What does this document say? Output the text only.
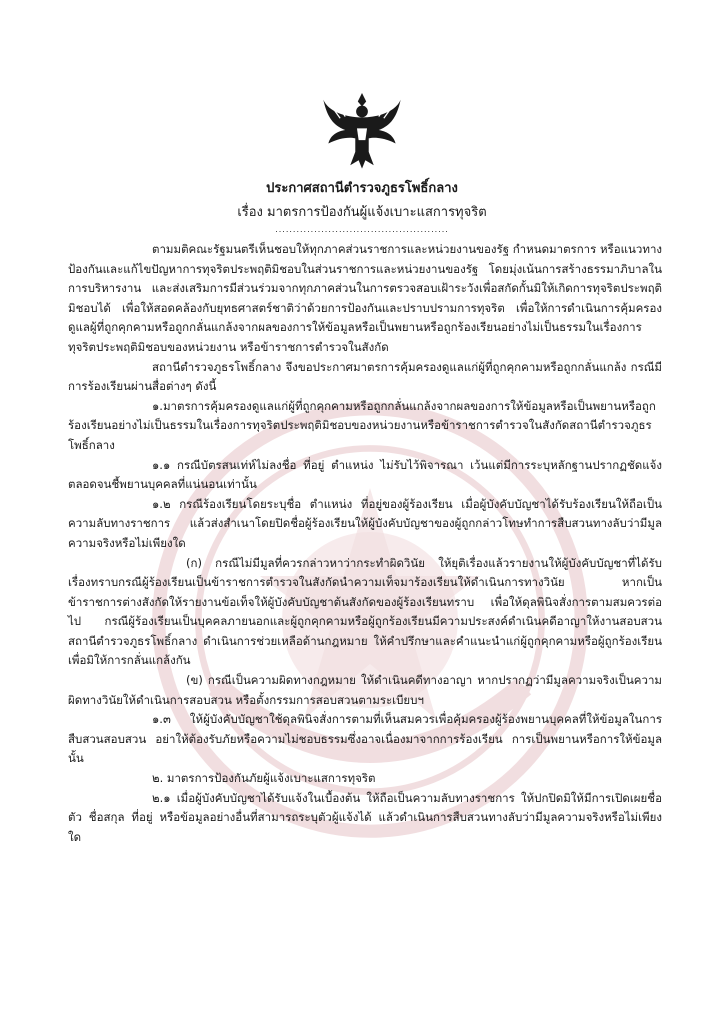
ประกาศสถานีตำรวจภูธรโพธิ์กลาง
เรื่อง มาตรการป้องกันผู้แจ้งเบาะแสการทุจริต
.................................................

ตามมติคณะรัฐมนตรีเห็นชอบให้ทุกภาคส่วนราชการและหน่วยงานของรัฐ กำหนดมาตรการ หรือแนวทางป้องกันและแก้ไขปัญหาการทุจริตประพฤติมิชอบในส่วนราชการและหน่วยงานของรัฐ โดยมุ่งเน้นการสร้างธรรมาภิบาลในการบริหารงาน และส่งเสริมการมีส่วนร่วมจากทุกภาคส่วนในการตรวจสอบเฝ้าระวังเพื่อสกัดกั้นมิให้เกิดการทุจริตประพฤติมิชอบได้ เพื่อให้สอดคล้องกับยุทธศาสตร์ชาติว่าด้วยการป้องกันและปราบปรามการทุจริต เพื่อให้การดำเนินการคุ้มครองดูแลผู้ที่ถูกคุกคามหรือถูกกลั่นแกล้งจากผลของการให้ข้อมูลหรือเป็นพยานหรือถูกร้องเรียนอย่างไม่เป็นธรรมในเรื่องการทุจริตประพฤติมิชอบของหน่วยงาน หรือข้าราชการตำรวจในสังกัด

สถานีตำรวจภูธรโพธิ์กลาง จึงขอประกาศมาตรการคุ้มครองดูแลแก่ผู้ที่ถูกคุกคามหรือถูกกลั่นแกล้ง กรณีมีการร้องเรียนผ่านสื่อต่างๆ ดังนี้

๑.มาตรการคุ้มครองดูแลแก่ผู้ที่ถูกคุกคามหรือถูกกลั่นแกล้งจากผลของการให้ข้อมูลหรือเป็นพยานหรือถูกร้องเรียนอย่างไม่เป็นธรรมในเรื่องการทุจริตประพฤติมิชอบของหน่วยงานหรือข้าราชการตำรวจในสังกัดสถานีตำรวจภูธรโพธิ์กลาง

๑.๑ กรณีบัตรสนเท่ห์ไม่ลงชื่อ ที่อยู่ ตำแหน่ง ไม่รับไว้พิจารณา เว้นแต่มีการระบุหลักฐานปรากฏชัดแจ้งตลอดจนชี้พยานบุคคลที่แน่นอนเท่านั้น

๑.๒ กรณีร้องเรียนโดยระบุชื่อ ตำแหน่ง ที่อยู่ของผู้ร้องเรียน เมื่อผู้บังคับบัญชาได้รับร้องเรียนให้ถือเป็นความลับทางราชการ แล้วส่งสำเนาโดยปิดชื่อผู้ร้องเรียนให้ผู้บังคับบัญชาของผู้ถูกกล่าวโทษทำการสืบสวนทางลับว่ามีมูลความจริงหรือไม่เพียงใด

(ก) กรณีไม่มีมูลที่ควรกล่าวหาว่ากระทำผิดวินัย ให้ยุติเรื่องแล้วรายงานให้ผู้บังคับบัญชาที่ได้รับเรื่องทราบกรณีผู้ร้องเรียนเป็นข้าราชการตำรวจในสังกัดนำความเท็จมาร้องเรียนให้ดำเนินการทางวินัย หากเป็นข้าราชการต่างสังกัดให้รายงานข้อเท็จให้ผู้บังคับบัญชาต้นสังกัดของผู้ร้องเรียนทราบ เพื่อให้ดุลพินิจสั่งการตามสมควรต่อไป กรณีผู้ร้องเรียนเป็นบุคคลภายนอกและผู้ถูกคุกคามหรือผู้ถูกร้องเรียนมีความประสงค์ดำเนินคดีอาญาให้งานสอบสวนสถานีตำรวจภูธรโพธิ์กลาง ดำเนินการช่วยเหลือด้านกฎหมาย ให้คำปรึกษาและคำแนะนำแก่ผู้ถูกคุกคามหรือผู้ถูกร้องเรียน เพื่อมิให้การกลั่นแกล้งกัน

(ข) กรณีเป็นความผิดทางกฎหมาย ให้ดำเนินคดีทางอาญา หากปรากฏว่ามีมูลความจริงเป็นความผิดทางวินัยให้ดำเนินการสอบสวน หรือตั้งกรรมการสอบสวนตามระเบียบฯ

๑.๓ ให้ผู้บังคับบัญชาใช้ดุลพินิจสั่งการตามที่เห็นสมควรเพื่อคุ้มครองผู้ร้องพยานบุคคลที่ให้ข้อมูลในการสืบสวนสอบสวน อย่าให้ต้องรับภัยหรือความไม่ชอบธรรมซึ่งอาจเนื่องมาจากการร้องเรียน การเป็นพยานหรือการให้ข้อมูลนั้น

๒. มาตรการป้องกันภัยผู้แจ้งเบาะแสการทุจริต

๒.๑ เมื่อผู้บังคับบัญชาได้รับแจ้งในเบื้องต้น ให้ถือเป็นความลับทางราชการ ให้ปกปิดมิให้มีการเปิดเผยชื่อตัว ชื่อสกุล ที่อยู่ หรือข้อมูลอย่างอื่นที่สามารถระบุตัวผู้แจ้งได้ แล้วดำเนินการสืบสวนทางลับว่ามีมูลความจริงหรือไม่เพียงใด
